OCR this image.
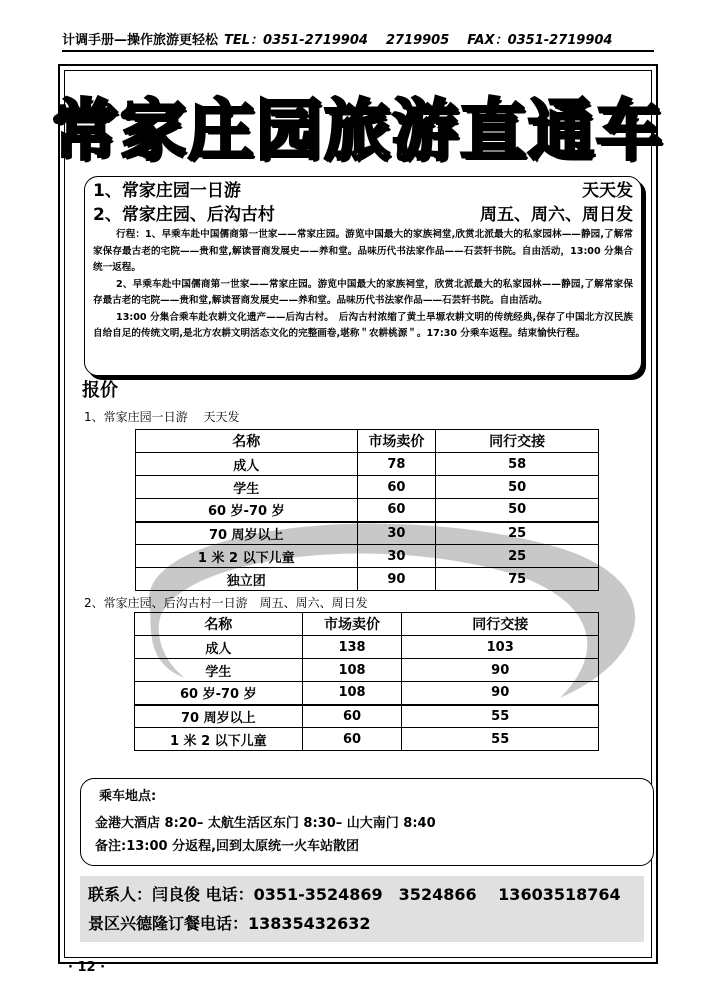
计调手册—操作旅游更轻松 TEL：0351-2719904 2719905 FAX：0351-2719904
常家庄园旅游直通车
1、常家庄园一日游	天天发
2、常家庄园、后沟古村	周五、周六、周日发

行程：1、早乘车赴中国儒商第一世家——常家庄园。游览中国最大的家族祠堂,欣赏北派最大的私家园林——静园,了解常家保存最古老的宅院——贵和堂,解读晋商发展史——养和堂。品味历代书法家作品——石芸轩书院。自由活动，13:00 分集合统一返程。

2、早乘车赴中国儒商第一世家——常家庄园。游览中国最大的家族祠堂，欣赏北派最大的私家园林——静园,了解常家保存最古老的宅院——贵和堂,解读晋商发展史——养和堂。品味历代书法家作品——石芸轩书院。自由活动。

13:00 分集合乘车赴农耕文化遗产——后沟古村。　后沟古村浓缩了黄土旱塬农耕文明的传统经典,保存了中国北方汉民族自给自足的传统文明,是北方农耕文明活态文化的完整画卷,堪称＂农耕桃源＂。17:30 分乘车返程。结束愉快行程。

报价
1、常家庄园一日游　 天天发
名称	市场卖价	同行交接
成人	78	58
学生	60	50
60 岁-70 岁	60	50
70 周岁以上	30	25
1 米 2 以下儿童	30	25
独立团	90	75
2、常家庄园、后沟古村一日游　周五、周六、周日发
名称	市场卖价	同行交接
成人	138	103
学生	108	90
60 岁-70 岁	108	90
70 周岁以上	60	55
1 米 2 以下儿童	60	55
乘车地点:
金港大酒店 8:20– 太航生活区东门 8:30– 山大南门 8:40
备注:13:00 分返程,回到太原统一火车站散团
联系人：闫良俊 电话：0351-3524869　3524866　 13603518764
景区兴德隆订餐电话：13835432632
· 12 ·
